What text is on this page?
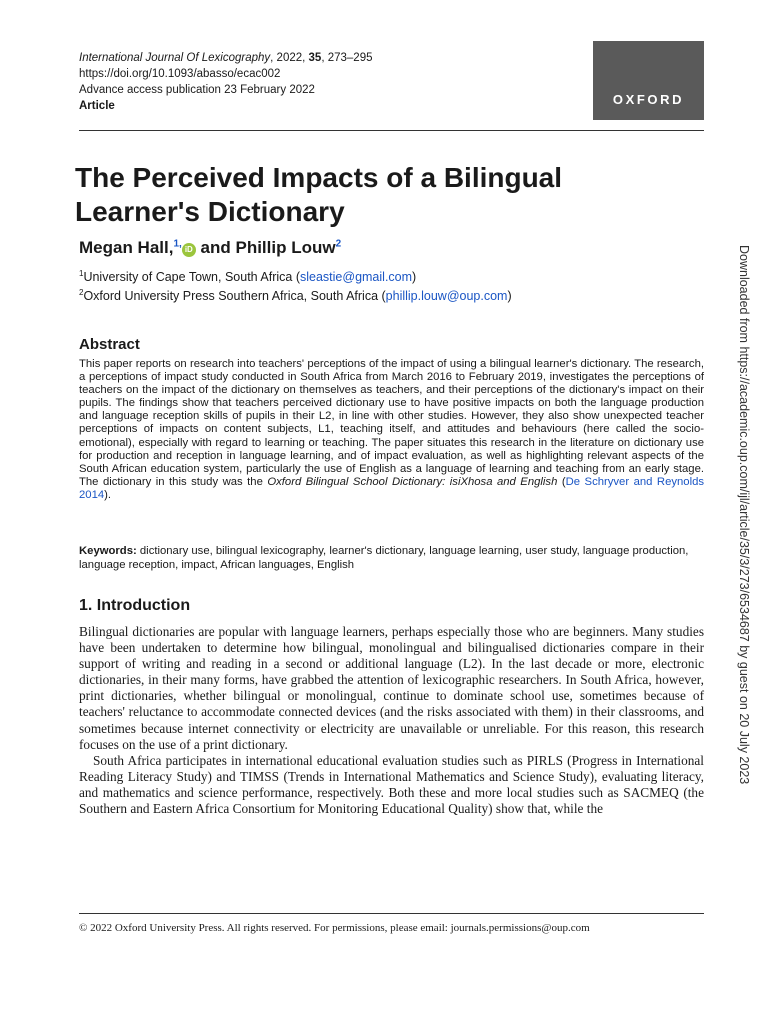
International Journal Of Lexicography, 2022, 35, 273–295
https://doi.org/10.1093/abasso/ecac002
Advance access publication 23 February 2022
Article	OXFORD
The Perceived Impacts of a Bilingual Learner's Dictionary
Megan Hall,$^{1,}$iD and Phillip Louw$^2$
$^1$University of Cape Town, South Africa (sleastie@gmail.com)
$^2$Oxford University Press Southern Africa, South Africa (phillip.louw@oup.com)
Abstract

This paper reports on research into teachers' perceptions of the impact of using a bilingual learner's dictionary. The research, a perceptions of impact study conducted in South Africa from March 2016 to February 2019, investigates the perceptions of teachers on the impact of the dictionary on themselves as teachers, and their perceptions of the dictionary's impact on their pupils. The findings show that teachers perceived dictionary use to have positive impacts on both the language production and language reception skills of pupils in their L2, in line with other studies. However, they also show unexpected teacher perceptions of impacts on content subjects, L1, teaching itself, and attitudes and behaviours (here called the socio-emotional), especially with regard to learning or teaching. The paper situates this research in the literature on dictionary use for production and reception in language learning, and of impact evaluation, as well as highlighting relevant aspects of the South African education system, particularly the use of English as a language of learning and teaching from an early stage. The dictionary in this study was the Oxford Bilingual School Dictionary: isiXhosa and English (De Schryver and Reynolds 2014).

Keywords: dictionary use, bilingual lexicography, learner's dictionary, language learning, user study, language production, language reception, impact, African languages, English

1. Introduction

Bilingual dictionaries are popular with language learners, perhaps especially those who are beginners. Many studies have been undertaken to determine how bilingual, monolingual and bilingualised dictionaries compare in their support of writing and reading in a second or additional language (L2). In the last decade or more, electronic dictionaries, in their many forms, have grabbed the attention of lexicographic researchers. In South Africa, however, print dictionaries, whether bilingual or monolingual, continue to dominate school use, sometimes because of teachers' reluctance to accommodate connected devices (and the risks associated with them) in their classrooms, and sometimes because internet connectivity or electricity are unavailable or unreliable. For this reason, this research focuses on the use of a print dictionary.

South Africa participates in international educational evaluation studies such as PIRLS (Progress in International Reading Literacy Study) and TIMSS (Trends in International Mathematics and Science Study), evaluating literacy, and mathematics and science performance, respectively. Both these and more local studies such as SACMEQ (the Southern and Eastern Africa Consortium for Monitoring Educational Quality) show that, while the

© 2022 Oxford University Press. All rights reserved. For permissions, please email: journals.permissions@oup.com
Downloaded from https://academic.oup.com/ijl/article/35/3/273/6534687 by guest on 20 July 2023
